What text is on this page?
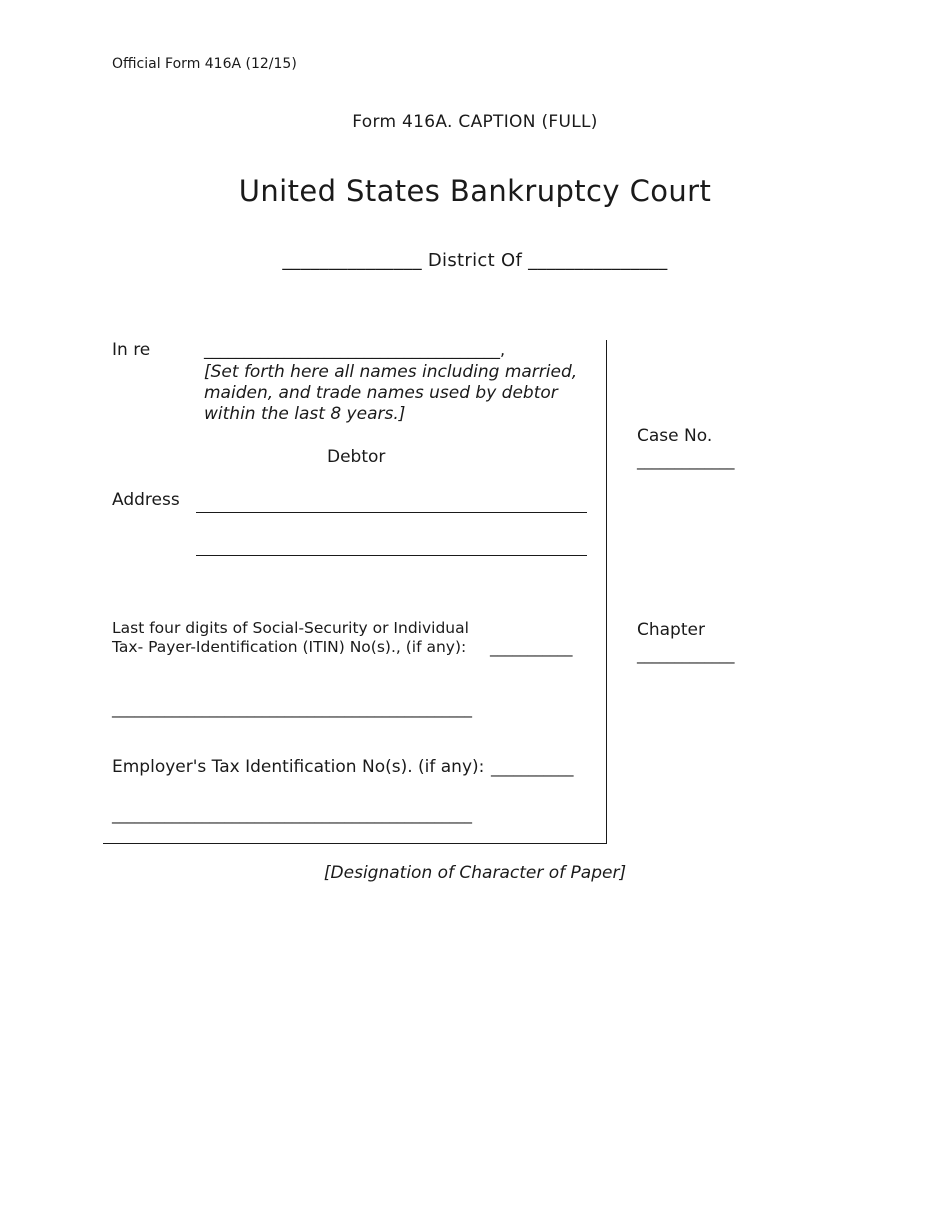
Official Form 416A (12/15)
Form 416A. CAPTION (FULL)
United States Bankruptcy Court
_______________ District Of _______________
In re	_____________________________________,
[Set forth here all names including married, maiden, and trade names used by debtor within the last 8 years.]
Debtor
Address
Last four digits of Social-Security or Individual
Tax- Payer-Identification (ITIN) No(s)., (if any): ___________
________________________________________________
Employer's Tax Identification No(s). (if any): ___________
________________________________________________
Case No.
_____________
Chapter
_____________
[Designation of Character of Paper]
